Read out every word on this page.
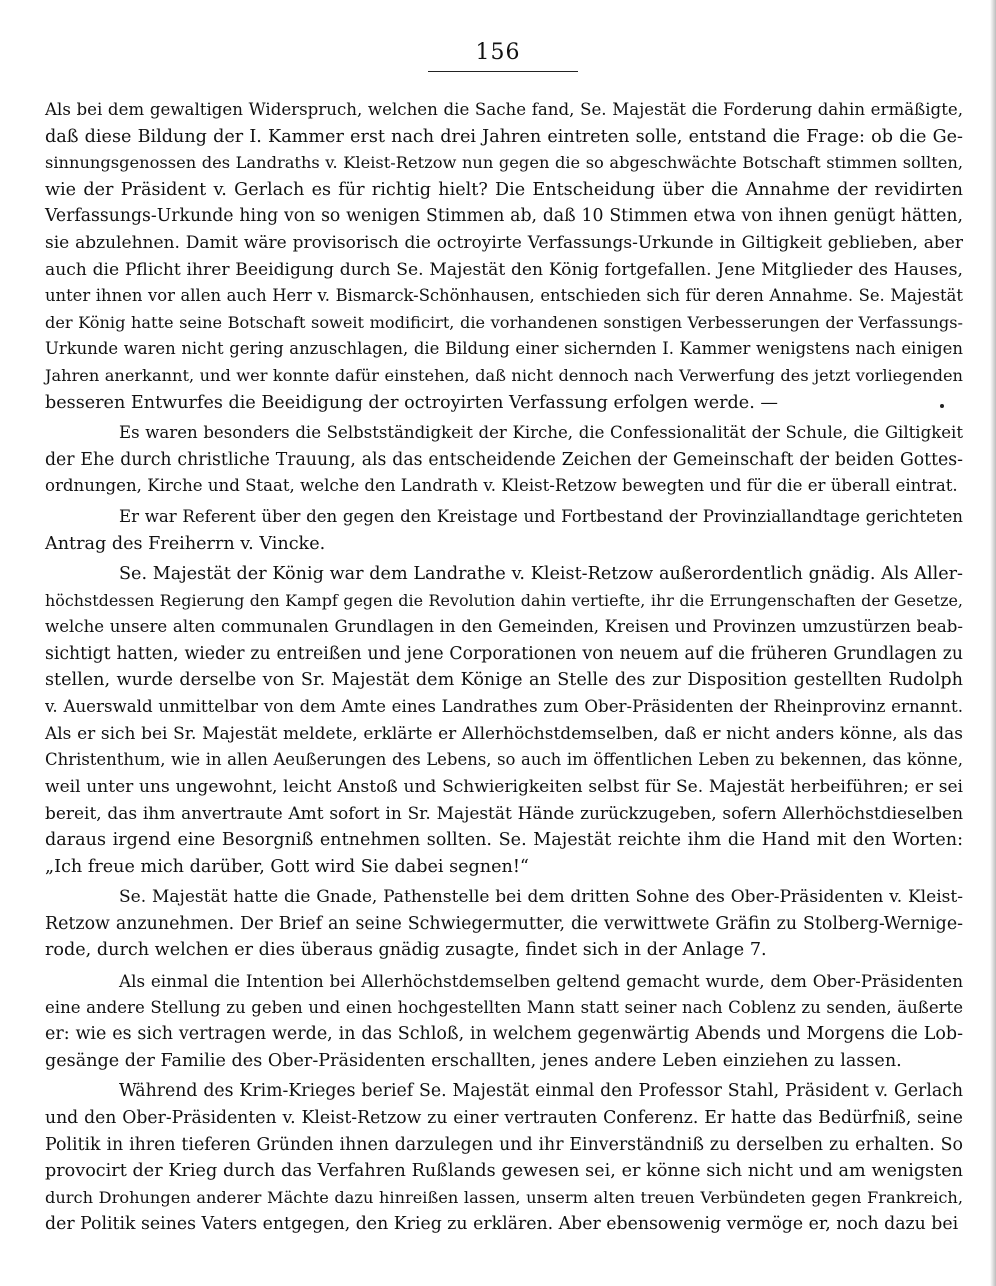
156
Als bei dem gewaltigen Widerspruch, welchen die Sache fand, Se. Majestät die Forderung dahin ermäßigte,
daß diese Bildung der I. Kammer erst nach drei Jahren eintreten solle, entstand die Frage: ob die Ge-
sinnungsgenossen des Landraths v. Kleist-Retzow nun gegen die so abgeschwächte Botschaft stimmen sollten,
wie der Präsident v. Gerlach es für richtig hielt? Die Entscheidung über die Annahme der revidirten
Verfassungs-Urkunde hing von so wenigen Stimmen ab, daß 10 Stimmen etwa von ihnen genügt hätten,
sie abzulehnen. Damit wäre provisorisch die octroyirte Verfassungs-Urkunde in Giltigkeit geblieben, aber
auch die Pflicht ihrer Beeidigung durch Se. Majestät den König fortgefallen. Jene Mitglieder des Hauses,
unter ihnen vor allen auch Herr v. Bismarck-Schönhausen, entschieden sich für deren Annahme. Se. Majestät
der König hatte seine Botschaft soweit modificirt, die vorhandenen sonstigen Verbesserungen der Verfassungs-
Urkunde waren nicht gering anzuschlagen, die Bildung einer sichernden I. Kammer wenigstens nach einigen
Jahren anerkannt, und wer konnte dafür einstehen, daß nicht dennoch nach Verwerfung des jetzt vorliegenden
besseren Entwurfes die Beeidigung der octroyirten Verfassung erfolgen werde. —
Es waren besonders die Selbstständigkeit der Kirche, die Confessionalität der Schule, die Giltigkeit
der Ehe durch christliche Trauung, als das entscheidende Zeichen der Gemeinschaft der beiden Gottes-
ordnungen, Kirche und Staat, welche den Landrath v. Kleist-Retzow bewegten und für die er überall eintrat.
Er war Referent über den gegen den Kreistage und Fortbestand der Provinziallandtage gerichteten
Antrag des Freiherrn v. Vincke.
Se. Majestät der König war dem Landrathe v. Kleist-Retzow außerordentlich gnädig. Als Aller-
höchstdessen Regierung den Kampf gegen die Revolution dahin vertiefte, ihr die Errungenschaften der Gesetze,
welche unsere alten communalen Grundlagen in den Gemeinden, Kreisen und Provinzen umzustürzen beab-
sichtigt hatten, wieder zu entreißen und jene Corporationen von neuem auf die früheren Grundlagen zu
stellen, wurde derselbe von Sr. Majestät dem Könige an Stelle des zur Disposition gestellten Rudolph
v. Auerswald unmittelbar von dem Amte eines Landrathes zum Ober-Präsidenten der Rheinprovinz ernannt.
Als er sich bei Sr. Majestät meldete, erklärte er Allerhöchstdemselben, daß er nicht anders könne, als das
Christenthum, wie in allen Aeußerungen des Lebens, so auch im öffentlichen Leben zu bekennen, das könne,
weil unter uns ungewohnt, leicht Anstoß und Schwierigkeiten selbst für Se. Majestät herbeiführen; er sei
bereit, das ihm anvertraute Amt sofort in Sr. Majestät Hände zurückzugeben, sofern Allerhöchstdieselben
daraus irgend eine Besorgniß entnehmen sollten. Se. Majestät reichte ihm die Hand mit den Worten:
„Ich freue mich darüber, Gott wird Sie dabei segnen!“
Se. Majestät hatte die Gnade, Pathenstelle bei dem dritten Sohne des Ober-Präsidenten v. Kleist-
Retzow anzunehmen. Der Brief an seine Schwiegermutter, die verwittwete Gräfin zu Stolberg-Wernige-
rode, durch welchen er dies überaus gnädig zusagte, findet sich in der Anlage 7.
Als einmal die Intention bei Allerhöchstdemselben geltend gemacht wurde, dem Ober-Präsidenten
eine andere Stellung zu geben und einen hochgestellten Mann statt seiner nach Coblenz zu senden, äußerte
er: wie es sich vertragen werde, in das Schloß, in welchem gegenwärtig Abends und Morgens die Lob-
gesänge der Familie des Ober-Präsidenten erschallten, jenes andere Leben einziehen zu lassen.
Während des Krim-Krieges berief Se. Majestät einmal den Professor Stahl, Präsident v. Gerlach
und den Ober-Präsidenten v. Kleist-Retzow zu einer vertrauten Conferenz. Er hatte das Bedürfniß, seine
Politik in ihren tieferen Gründen ihnen darzulegen und ihr Einverständniß zu derselben zu erhalten. So
provocirt der Krieg durch das Verfahren Rußlands gewesen sei, er könne sich nicht und am wenigsten
durch Drohungen anderer Mächte dazu hinreißen lassen, unserm alten treuen Verbündeten gegen Frankreich,
der Politik seines Vaters entgegen, den Krieg zu erklären. Aber ebensowenig vermöge er, noch dazu bei
